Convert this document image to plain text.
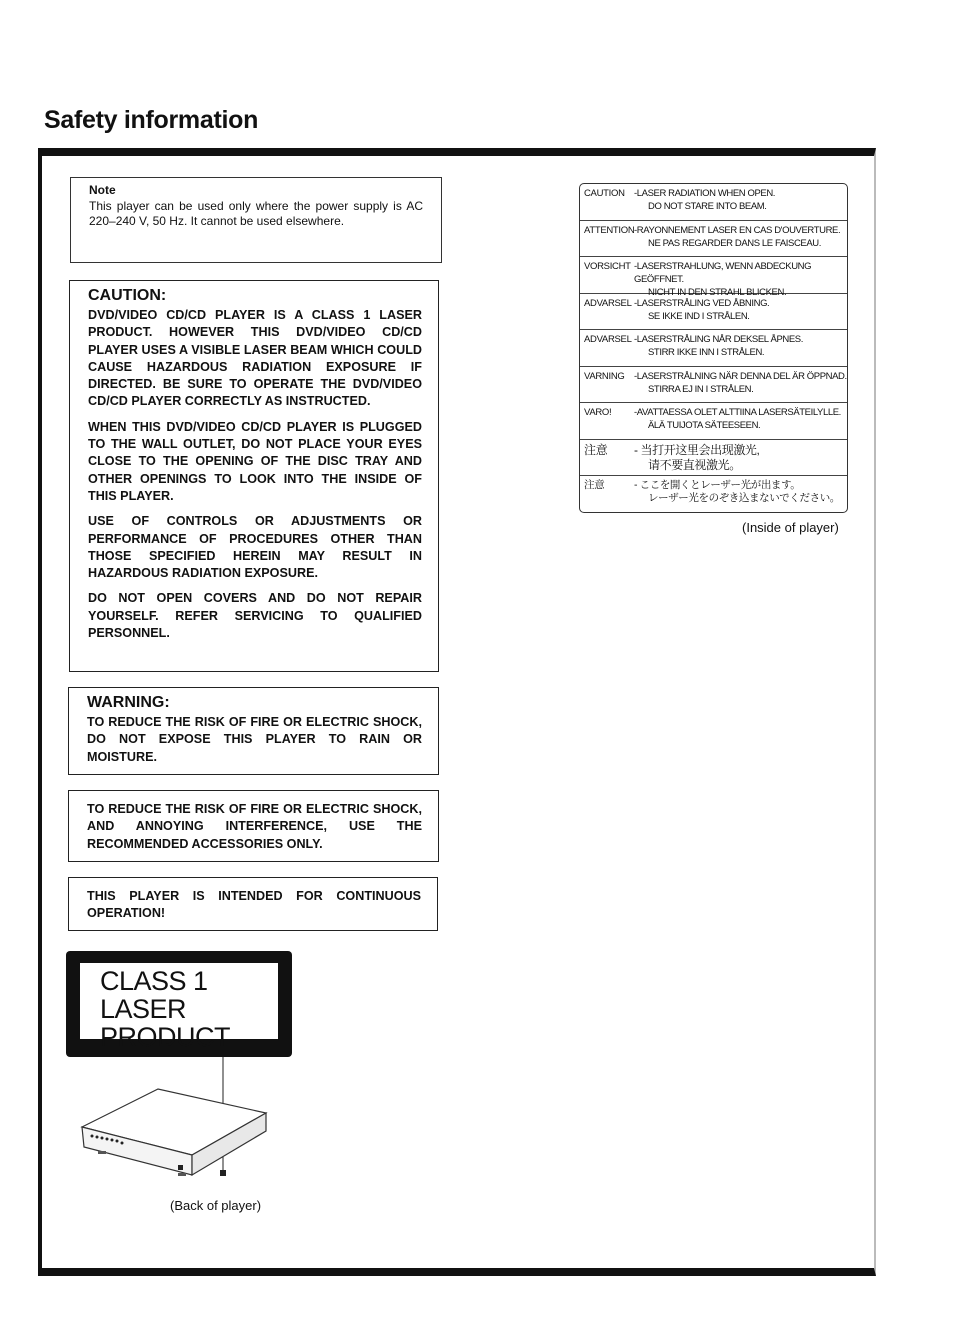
Safety information
Note
This player can be used only where the power supply is AC 220–240 V, 50 Hz. It cannot be used elsewhere.
CAUTION:

DVD/VIDEO CD/CD PLAYER IS A CLASS 1 LASER PRODUCT. HOWEVER THIS DVD/VIDEO CD/CD PLAYER USES A VISIBLE LASER BEAM WHICH COULD CAUSE HAZARDOUS RADIATION EXPOSURE IF DIRECTED. BE SURE TO OPERATE THE DVD/VIDEO CD/CD PLAYER CORRECTLY AS INSTRUCTED.

WHEN THIS DVD/VIDEO CD/CD PLAYER IS PLUGGED TO THE WALL OUTLET, DO NOT PLACE YOUR EYES CLOSE TO THE OPENING OF THE DISC TRAY AND OTHER OPENINGS TO LOOK INTO THE INSIDE OF THIS PLAYER.

USE OF CONTROLS OR ADJUSTMENTS OR PERFORMANCE OF PROCEDURES OTHER THAN THOSE SPECIFIED HEREIN MAY RESULT IN HAZARDOUS RADIATION EXPOSURE.

DO NOT OPEN COVERS AND DO NOT REPAIR YOURSELF. REFER SERVICING TO QUALIFIED PERSONNEL.

WARNING:
TO REDUCE THE RISK OF FIRE OR ELECTRIC SHOCK, DO NOT EXPOSE THIS PLAYER TO RAIN OR MOISTURE.
TO REDUCE THE RISK OF FIRE OR ELECTRIC SHOCK, AND ANNOYING INTERFERENCE, USE THE RECOMMENDED ACCESSORIES ONLY.
THIS PLAYER IS INTENDED FOR CONTINUOUS OPERATION!
CAUTION -LASER RADIATION WHEN OPEN.
DO NOT STARE INTO BEAM.
ATTENTION -RAYONNEMENT LASER EN CAS D'OUVERTURE.
NE PAS REGARDER DANS LE FAISCEAU.
VORSICHT -LASERSTRAHLUNG, WENN ABDECKUNG GEÖFFNET.
NICHT IN DEN STRAHL BLICKEN.
ADVARSEL -LASERSTRÅLING VED ÅBNING.
SE IKKE IND I STRÅLEN.
ADVARSEL -LASERSTRÅLING NÅR DEKSEL ÅPNES.
STIRR IKKE INN I STRÅLEN.
VARNING	-LASERSTRÅLNING NÄR DENNA DEL ÄR ÖPPNAD.
STIRRA EJ IN I STRÅLEN.
VARO!	-AVATTAESSA OLET ALTTIINA LASERSÄTEILYLLE.
ÄLÄ TUIJOTA SÄTEESEEN.
注意	- 当打开这里会出现激光,
请不要直视激光。
注意	- ここを開くとレーザー光が出ます。
レーザー光をのぞき込まないでください。
(Inside of player)
CLASS 1
LASER PRODUCT
(Back of player)
